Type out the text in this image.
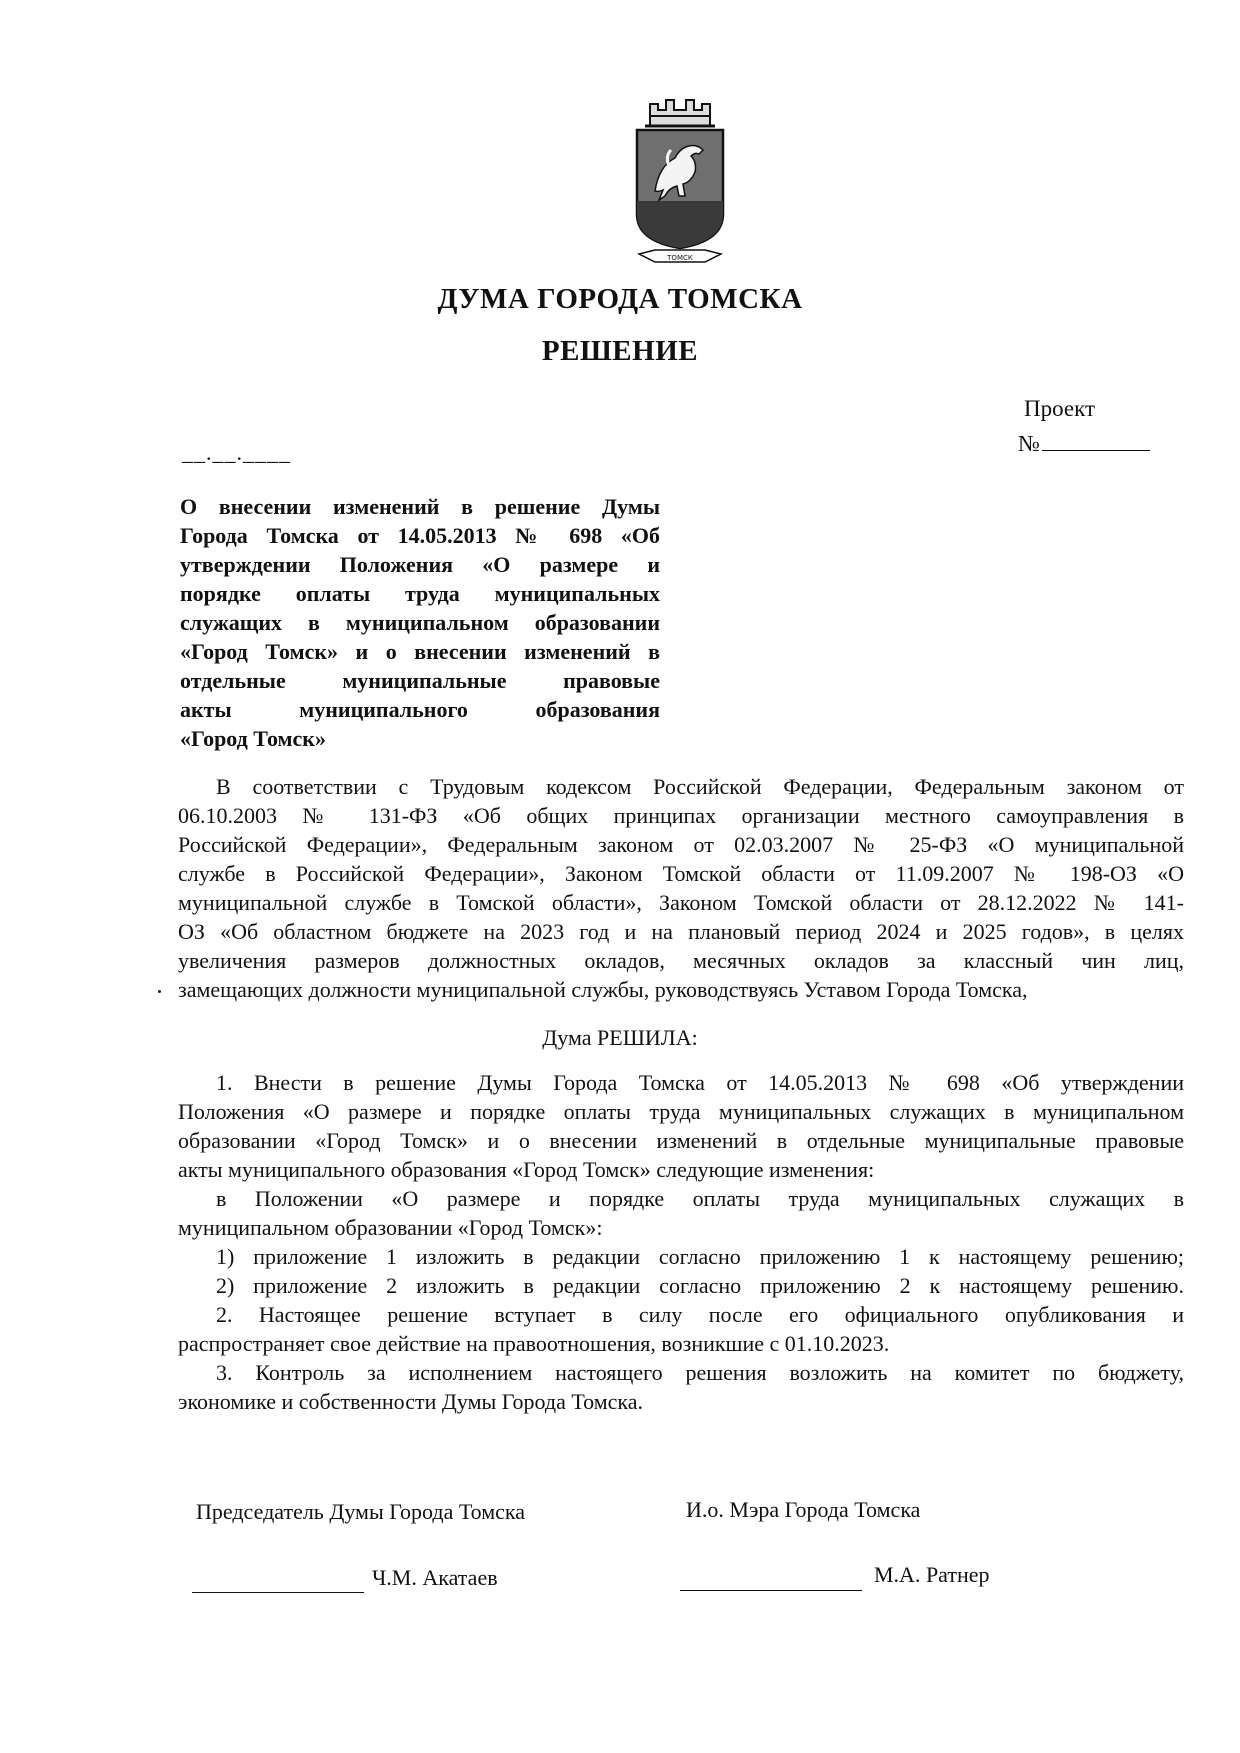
ТОМСК
ДУМА ГОРОДА ТОМСКА
РЕШЕНИЕ
Проект
№
__.__.____
О внесении изменений в решение Думы
Города Томска от 14.05.2013 № 698 «Об
утверждении Положения «О размере и
порядке оплаты труда муниципальных
служащих в муниципальном образовании
«Город Томск» и о внесении изменений в
отдельные муниципальные правовые
акты муниципального образования
«Город Томск»
В соответствии с Трудовым кодексом Российской Федерации, Федеральным законом от
06.10.2003 № 131-ФЗ «Об общих принципах организации местного самоуправления в
Российской Федерации», Федеральным законом от 02.03.2007 № 25-ФЗ «О муниципальной
службе в Российской Федерации», Законом Томской области от 11.09.2007 № 198-ОЗ «О
муниципальной службе в Томской области», Законом Томской области от 28.12.2022 № 141-
ОЗ «Об областном бюджете на 2023 год и на плановый период 2024 и 2025 годов», в целях
увеличения размеров должностных окладов, месячных окладов за классный чин лиц,
замещающих должности муниципальной службы, руководствуясь Уставом Города Томска,
Дума РЕШИЛА:
1. Внести в решение Думы Города Томска от 14.05.2013 № 698 «Об утверждении
Положения «О размере и порядке оплаты труда муниципальных служащих в муниципальном
образовании «Город Томск» и о внесении изменений в отдельные муниципальные правовые
акты муниципального образования «Город Томск» следующие изменения:
в Положении «О размере и порядке оплаты труда муниципальных служащих в
муниципальном образовании «Город Томск»:
1) приложение 1 изложить в редакции согласно приложению 1 к настоящему решению;
2) приложение 2 изложить в редакции согласно приложению 2 к настоящему решению.
2. Настоящее решение вступает в силу после его официального опубликования и
распространяет свое действие на правоотношения, возникшие с 01.10.2023.
3. Контроль за исполнением настоящего решения возложить на комитет по бюджету,
экономике и собственности Думы Города Томска.
Председатель Думы Города Томска	И.о. Мэра Города Томска
Ч.М. Акатаев	М.А. Ратнер
